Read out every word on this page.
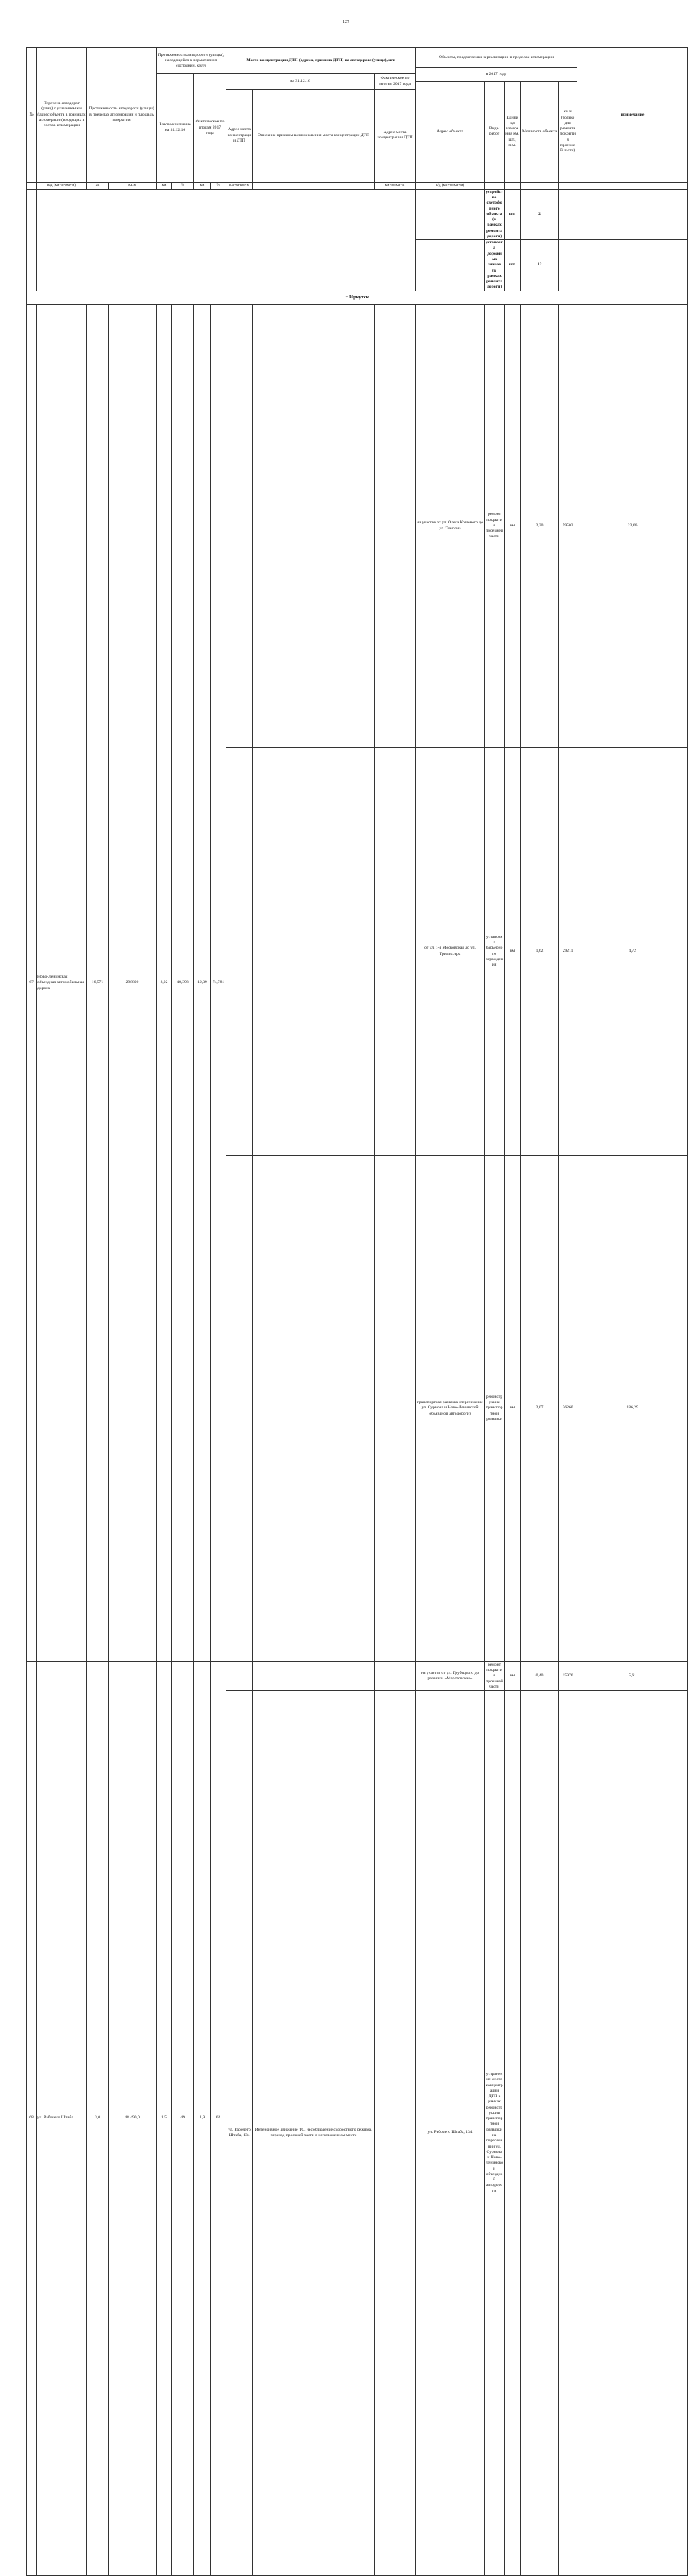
127
№	Перечень автодорог (улиц) с указанием км (адрес объекта в границах агломерации)входящих в состав агломерации	Протяженность автодороги (улицы) в пределах агломерации и площадь покрытия		Протяженность автодороги (улицы), находящейся в нормативном состоянии, км/%				Места концентрации ДТП (адреса, причина ДТП) на автодороге (улице), шт.			Объекты, предлагаемые к реализации, в пределах агломерации					примечание	
											в 2017 году						
				Базовое значение на 31.12.16		Фактическое по итогам 2017 года		на 31.12.16		Фактическое по итогам 2017 года							
											Адрес объекта	Виды работ	Единица измерения км, шт., п.м.	Мощность объекта	кв.м (только для ремонта покрытия проезжей части)	
								Адрес места концентрации ДТП	Описание причины возникновения места концентрации ДТП	Адрес места концентрации ДТП							

	в/д (км+м-км+м)	км	кв.м	км	%	км	%	км+м-км+м		км+м-км+м	в/д (км+м-км+м)						
												устройство светофорного объекта (в рамках ремонта дороги)	шт.	2			
												установка дорожных знаков (в рамках ремонта дороги)	шт.	12			
г. Иркутск																	
67	Ново-Ленинская объездная автомобильная дорога	16,571	298800	8,02	48,398	12,39	74,781				на участке от ул. Олега Кошевого до ул. Томсона	ремонт покрытия проезжей части	км	2,30	59503	23,66	
											от ул. 1-я Московская до ул. Трилиссера	установка барьерного ограждения	км	1,62	29211	4,72	
											транспортная развязка (пересечение ул. Сурнова и Ново-Ленинской объездной автодороги)	реконструкция транспортной развязки	км	2,07	36260	186,29	
68	ул. Рабочего Штаба	3,0	48 490,0	1,5	49	1,9	62				на участке от ул. Трубецкого до развязки «Маратовская»	ремонт покрытия проезжей части	км	0,40	15976	5,61	
								ул. Рабочего Штаба, 134	Интенсивное движение ТС, несоблюдение скоростного режима, переход проезжей части в неположенном месте		ул. Рабочего Штаба, 134	устранение места концентрации ДТП в рамках реконструкции транспортной развязки на пересечении ул. Сурнова и Ново-Ленинской объездной автодороги					
